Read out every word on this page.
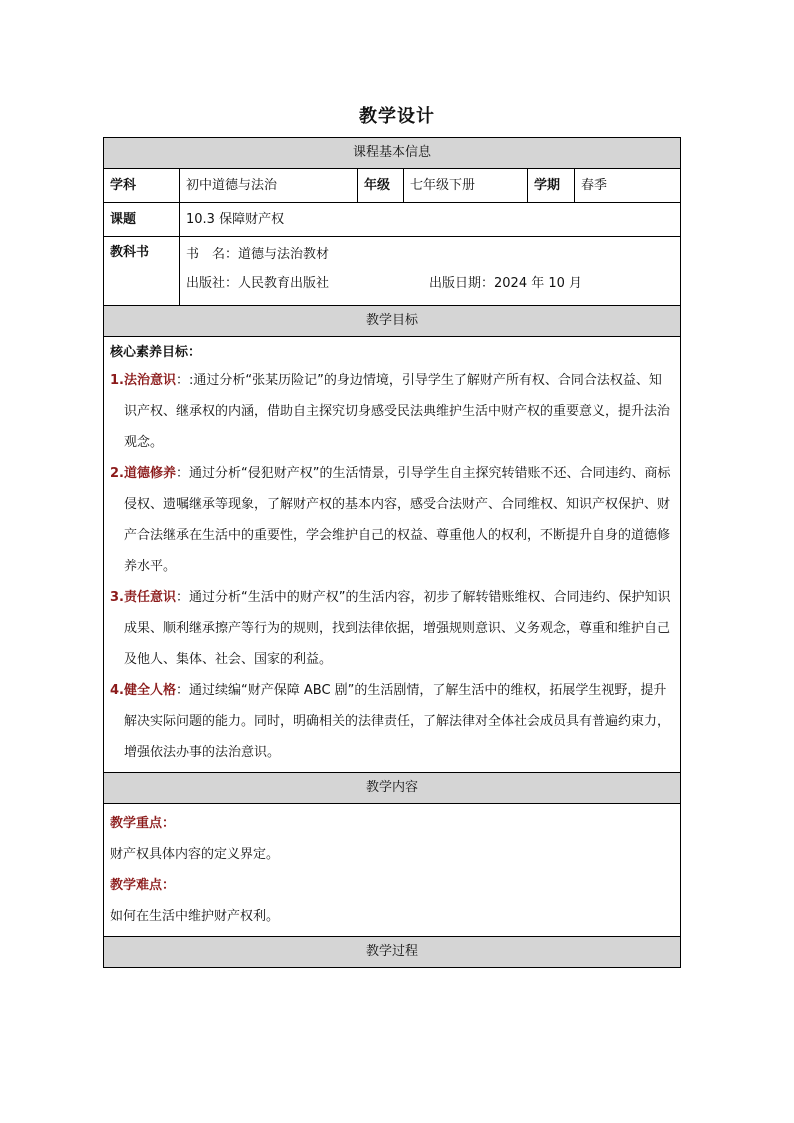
教学设计
课程基本信息					
学科	初中道德与法治	年级	七年级下册	学期	春季
课题	10.3 保障财产权				
教科书	书　名：道德与法治教材
出版社：人民教育出版社 出版日期：2024 年 10 月				

教学目标					

核心素养目标：
1.法治意识：:通过分析“张某历险记”的身边情境，引导学生了解财产所有权、合同合法权益、知识产权、继承权的内涵，借助自主探究切身感受民法典维护生活中财产权的重要意义，提升法治观念。
2.道德修养：通过分析“侵犯财产权”的生活情景，引导学生自主探究转错账不还、合同违约、商标侵权、遗嘱继承等现象，了解财产权的基本内容，感受合法财产、合同维权、知识产权保护、财产合法继承在生活中的重要性，学会维护自己的权益、尊重他人的权利，不断提升自身的道德修养水平。
3.责任意识：通过分析“生活中的财产权”的生活内容，初步了解转错账维权、合同违约、保护知识成果、顺利继承擦产等行为的规则，找到法律依据，增强规则意识、义务观念，尊重和维护自己及他人、集体、社会、国家的利益。
4.健全人格：通过续编“财产保障 ABC 剧”的生活剧情，了解生活中的维权，拓展学生视野，提升解决实际问题的能力。同时，明确相关的法律责任，了解法律对全体社会成员具有普遍约束力， 增强依法办事的法治意识。					

教学内容					

教学重点：
财产权具体内容的定义界定。
教学难点：
如何在生活中维护财产权利。					

教学过程					
